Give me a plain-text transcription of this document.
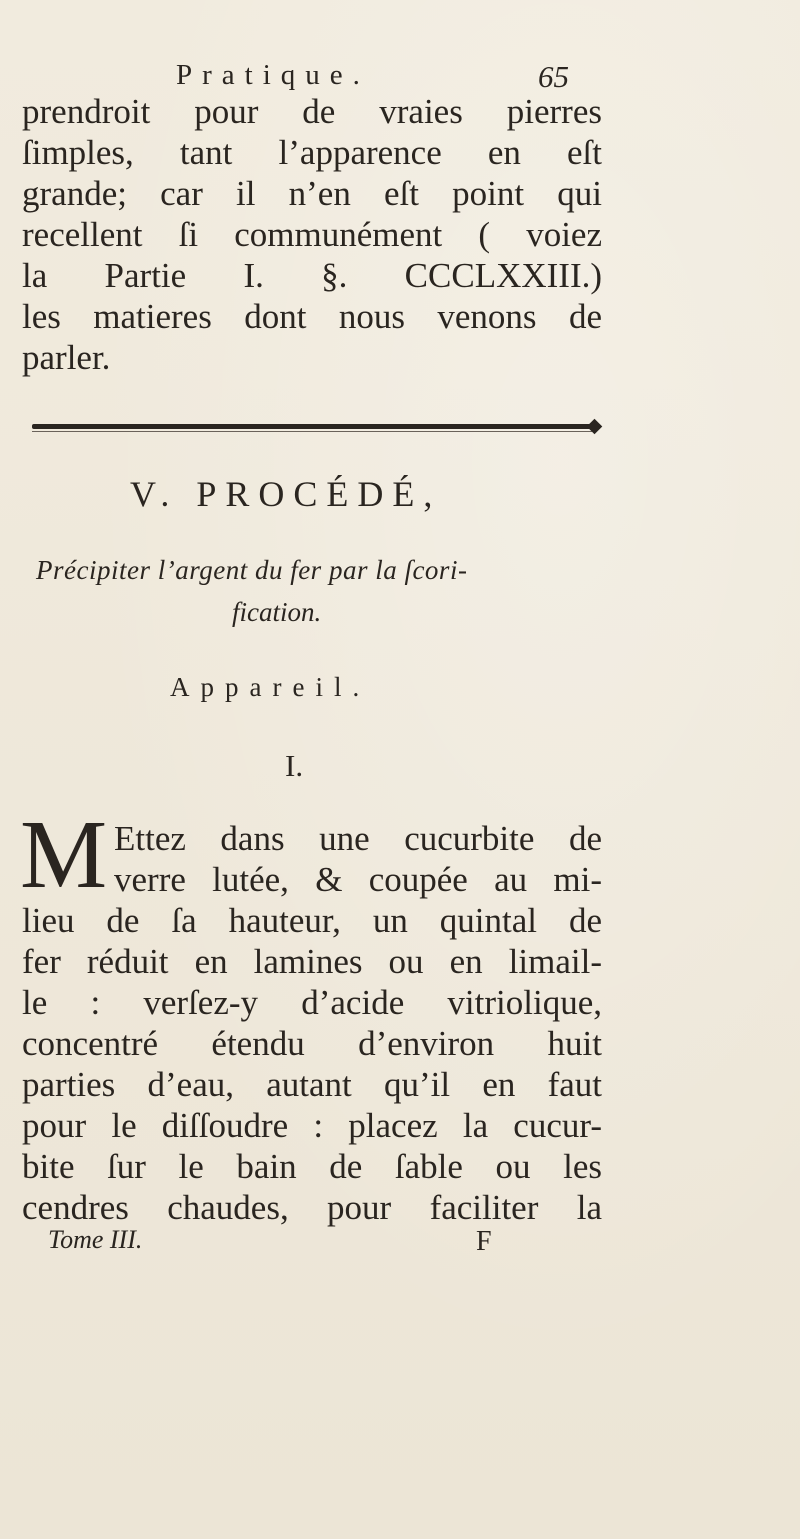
Pratique.	65
prendroit pour de vraies pierres
ſimples, tant l’apparence en eſt
grande; car il n’en eſt point qui
recellent ſi communément ( voiez
la Partie I. §. CCCLXXIII.)
les matieres dont nous venons de
parler.
V. PROCÉDÉ,
Précipiter l’argent du fer par la ſcori-
fication.
Appareil.
I.
M Ettez dans une cucurbite de
verre lutée, & coupée au mi-
lieu de ſa hauteur, un quintal de
fer réduit en lamines ou en limail-
le : verſez-y d’acide vitriolique,
concentré étendu d’environ huit
parties d’eau, autant qu’il en faut
pour le diſſoudre : placez la cucur-
bite ſur le bain de ſable ou les
cendres chaudes, pour faciliter la
Tome III.	F
